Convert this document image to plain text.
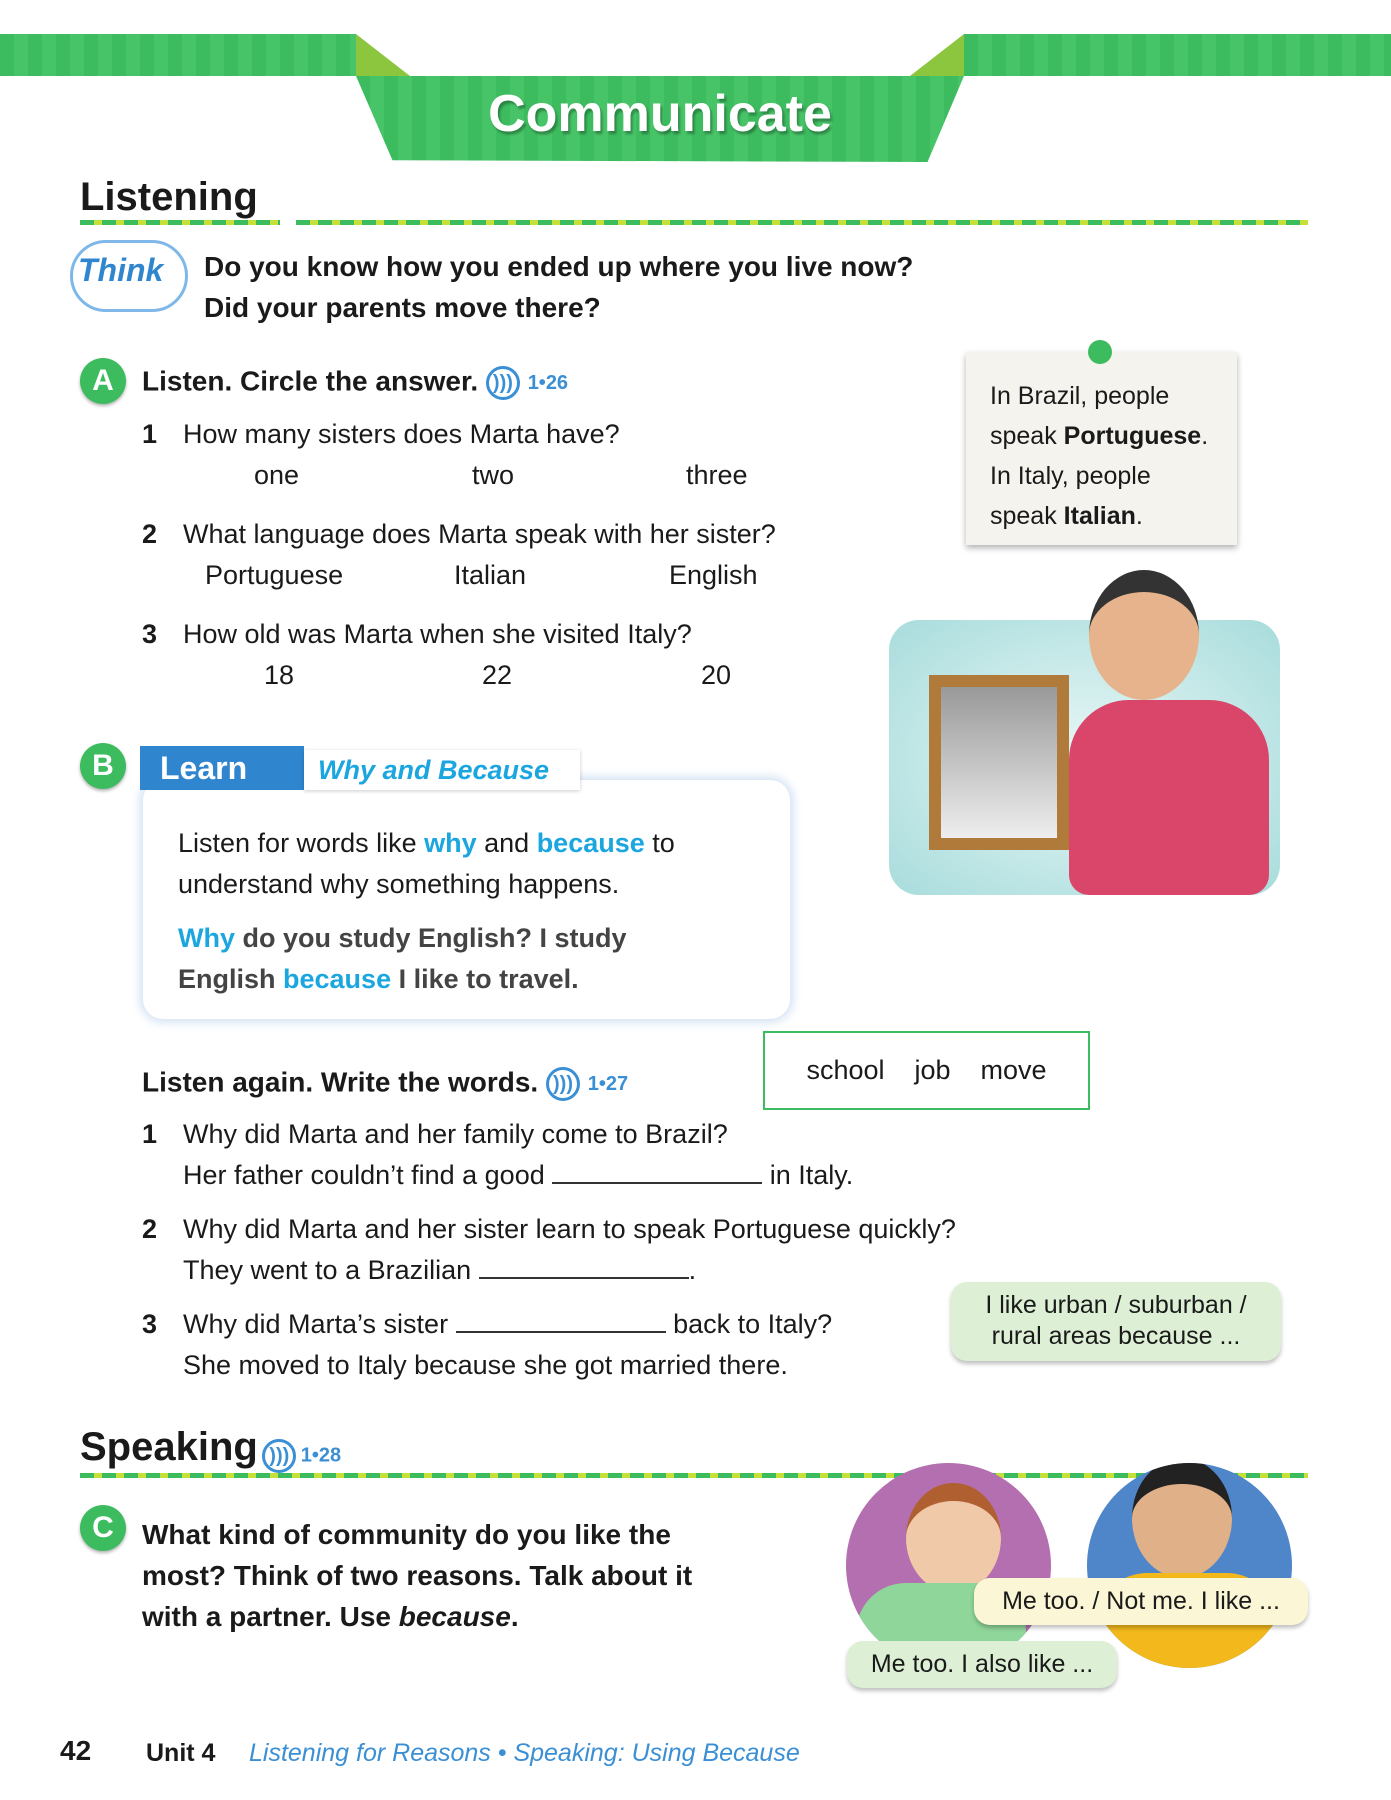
Communicate
Listening
Think Do you know how you ended up where you live now?
Did your parents move there?
A	Listen. Circle the answer. ))) 1•26
1 How many sisters does Marta have?
one	two	three
2 What language does Marta speak with her sister?
Portuguese	Italian	English
3 How old was Marta when she visited Italy?
18	22	20
In Brazil, people
speak Portuguese.
In Italy, people
speak Italian.
B	Learn	Why and Because
Listen for words like why and because to
understand why something happens.
Why do you study English? I study
English because I like to travel.
school job move
Listen again. Write the words. ))) 1•27
1 Why did Marta and her family come to Brazil?
Her father couldn’t find a good	in Italy.
2 Why did Marta and her sister learn to speak Portuguese quickly?
They went to a Brazilian	.
3 Why did Marta’s sister	back to Italy?
She moved to Italy because she got married there.
Speaking ))) 1•28
C	What kind of community do you like the
most? Think of two reasons. Talk about it
with a partner. Use because.
I like urban / suburban /
rural areas because ...
Me too. / Not me. I like ...
Me too. I also like ...
42 Unit 4 Listening for Reasons • Speaking: Using Because
